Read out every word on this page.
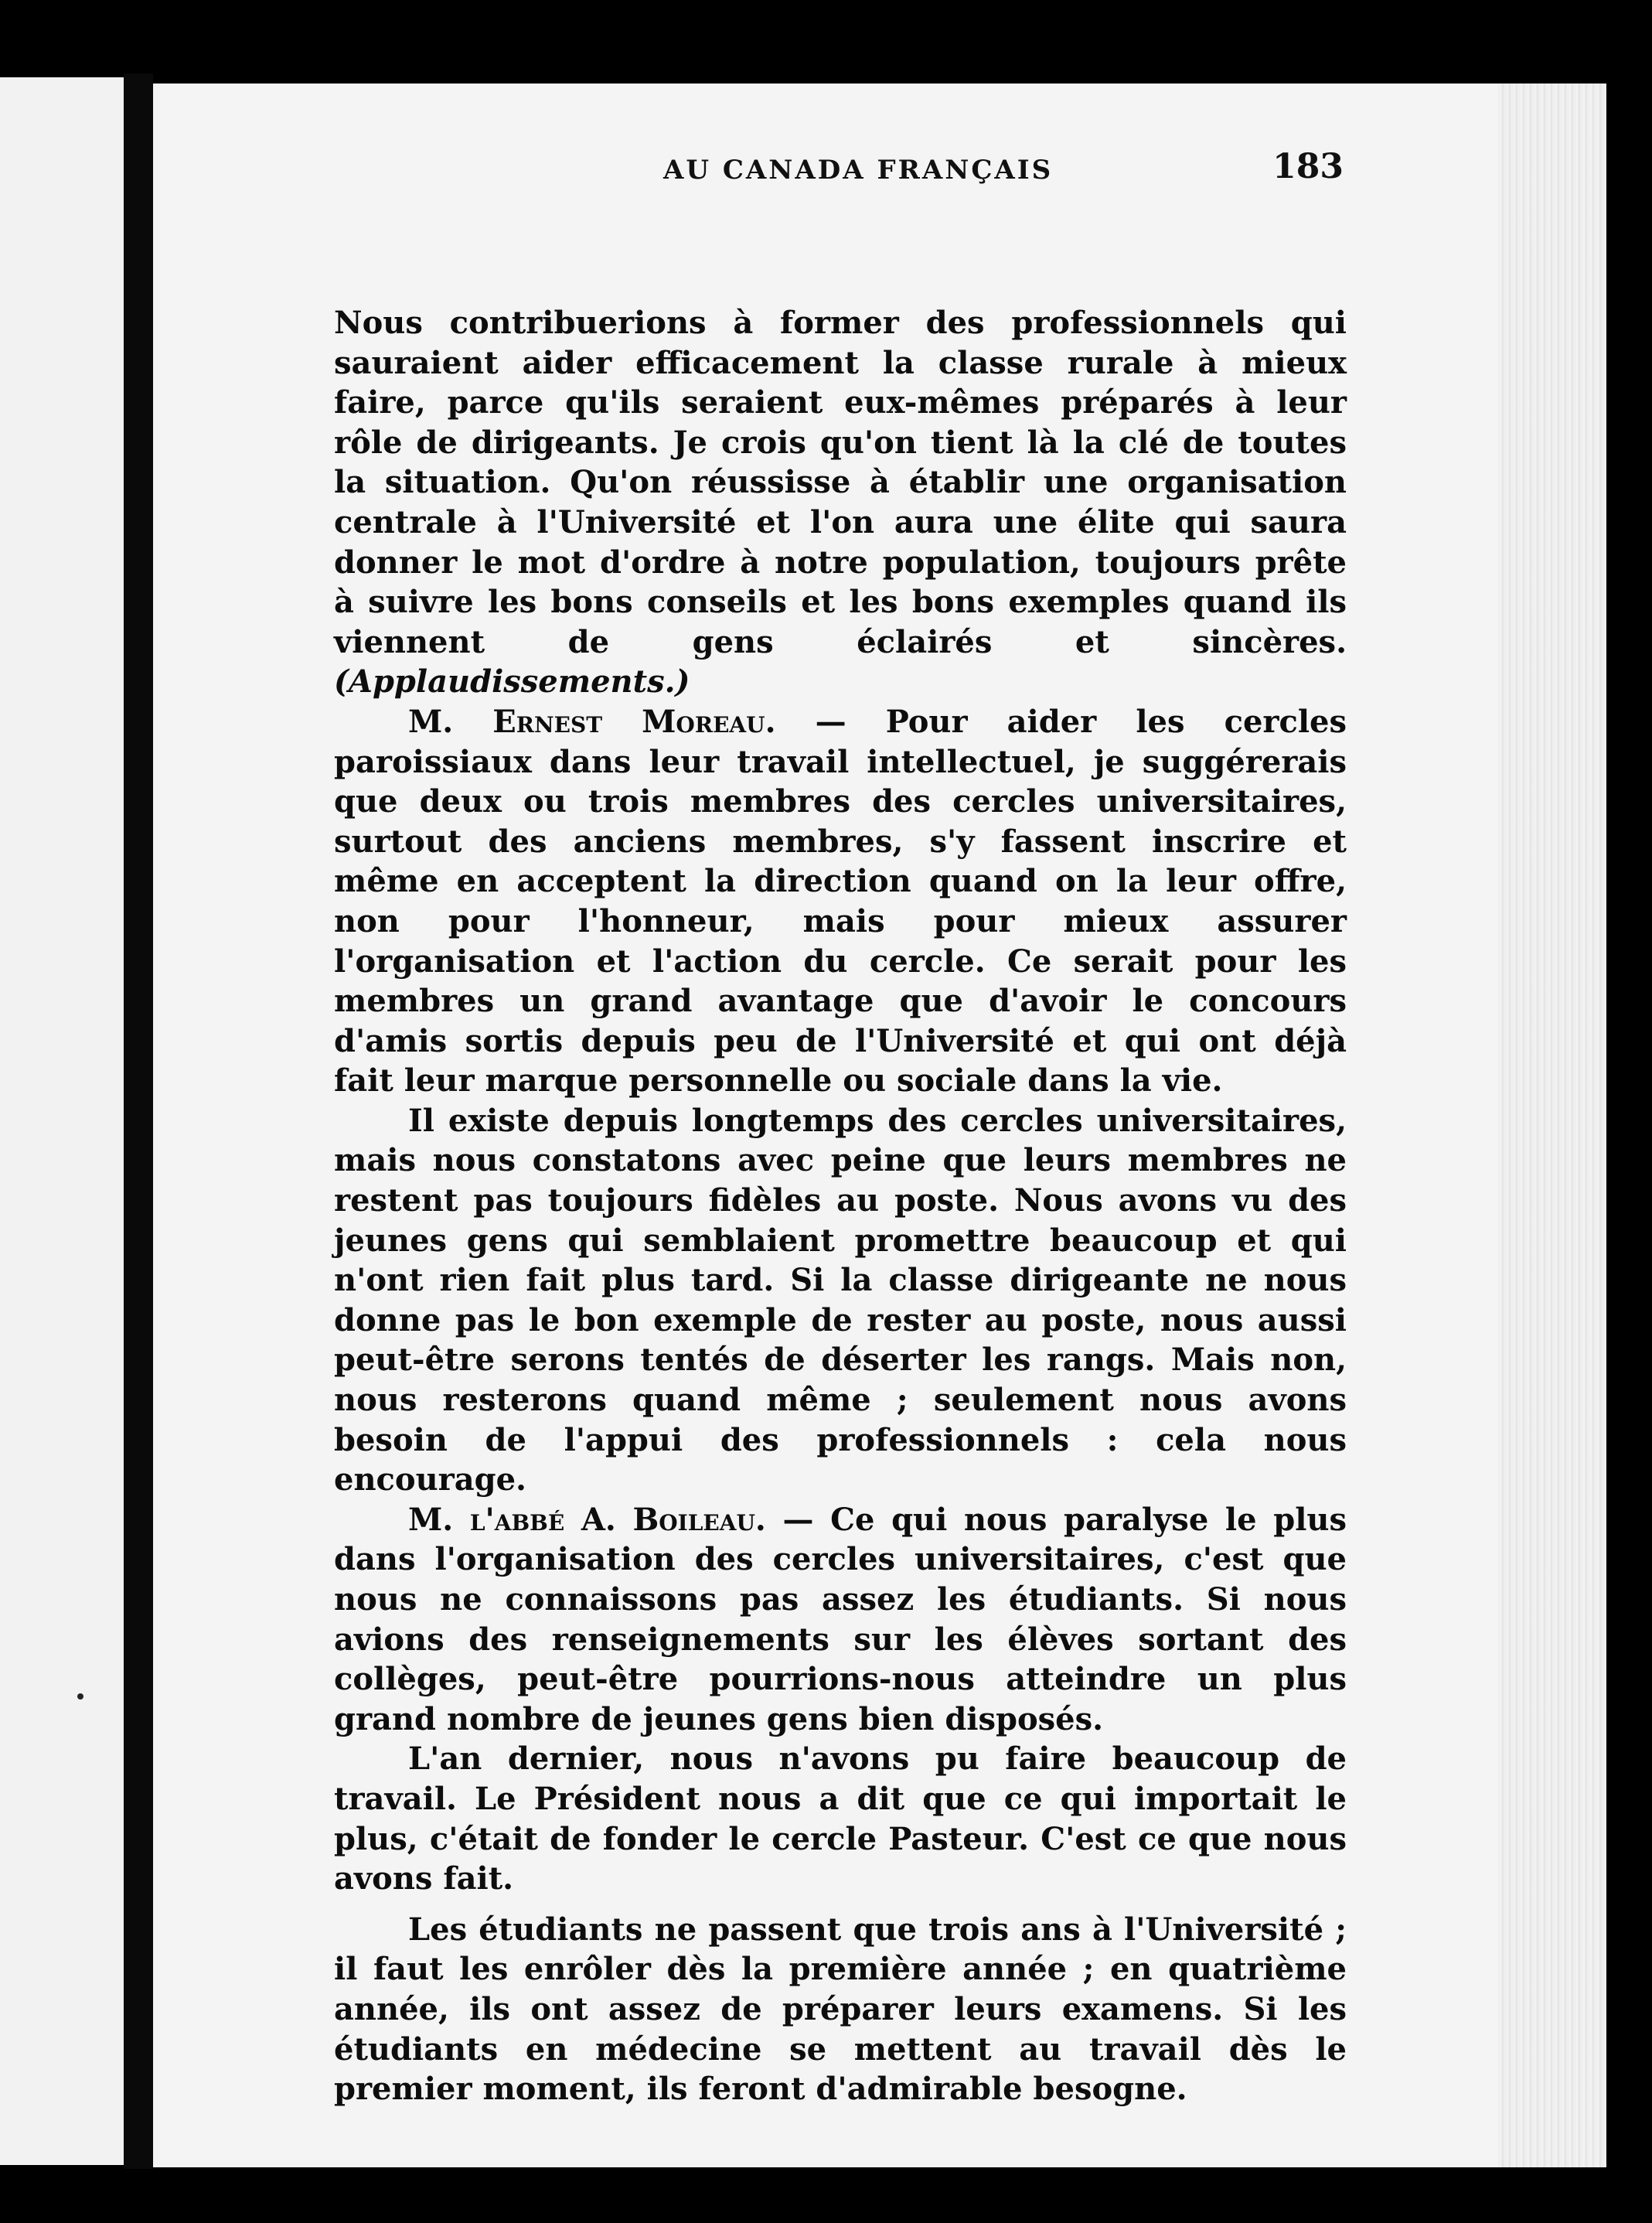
AU CANADA FRANÇAIS	183

Nous contribuerions à former des professionnels qui sauraient aider efficacement la classe rurale à mieux faire, parce qu'ils seraient eux-mêmes préparés à leur rôle de dirigeants. Je crois qu'on tient là la clé de toutes la situation. Qu'on réussisse à établir une organisation centrale à l'Université et l'on aura une élite qui saura donner le mot d'ordre à notre population, toujours prête à suivre les bons conseils et les bons exemples quand ils viennent de gens éclairés et sincères. (Applaudissements.)

M. Ernest Moreau. — Pour aider les cercles paroissiaux dans leur travail intellectuel, je suggérerais que deux ou trois membres des cercles universitaires, surtout des anciens membres, s'y fassent inscrire et même en acceptent la direction quand on la leur offre, non pour l'honneur, mais pour mieux assurer l'organisation et l'action du cercle. Ce serait pour les membres un grand avantage que d'avoir le concours d'amis sortis depuis peu de l'Université et qui ont déjà fait leur marque personnelle ou sociale dans la vie.

Il existe depuis longtemps des cercles universitaires, mais nous constatons avec peine que leurs membres ne restent pas toujours fidèles au poste. Nous avons vu des jeunes gens qui semblaient promettre beaucoup et qui n'ont rien fait plus tard. Si la classe dirigeante ne nous donne pas le bon exemple de rester au poste, nous aussi peut-être serons tentés de déserter les rangs. Mais non, nous resterons quand même ; seulement nous avons besoin de l'appui des professionnels : cela nous encourage.

M. l'abbé A. Boileau. — Ce qui nous paralyse le plus dans l'organisation des cercles universitaires, c'est que nous ne connaissons pas assez les étudiants. Si nous avions des renseignements sur les élèves sortant des collèges, peut-être pourrions-nous atteindre un plus grand nombre de jeunes gens bien disposés.

L'an dernier, nous n'avons pu faire beaucoup de travail. Le Président nous a dit que ce qui importait le plus, c'était de fonder le cercle Pasteur. C'est ce que nous avons fait.

Les étudiants ne passent que trois ans à l'Université ; il faut les enrôler dès la première année ; en quatrième année, ils ont assez de préparer leurs examens. Si les étudiants en médecine se mettent au travail dès le premier moment, ils feront d'admirable besogne.
